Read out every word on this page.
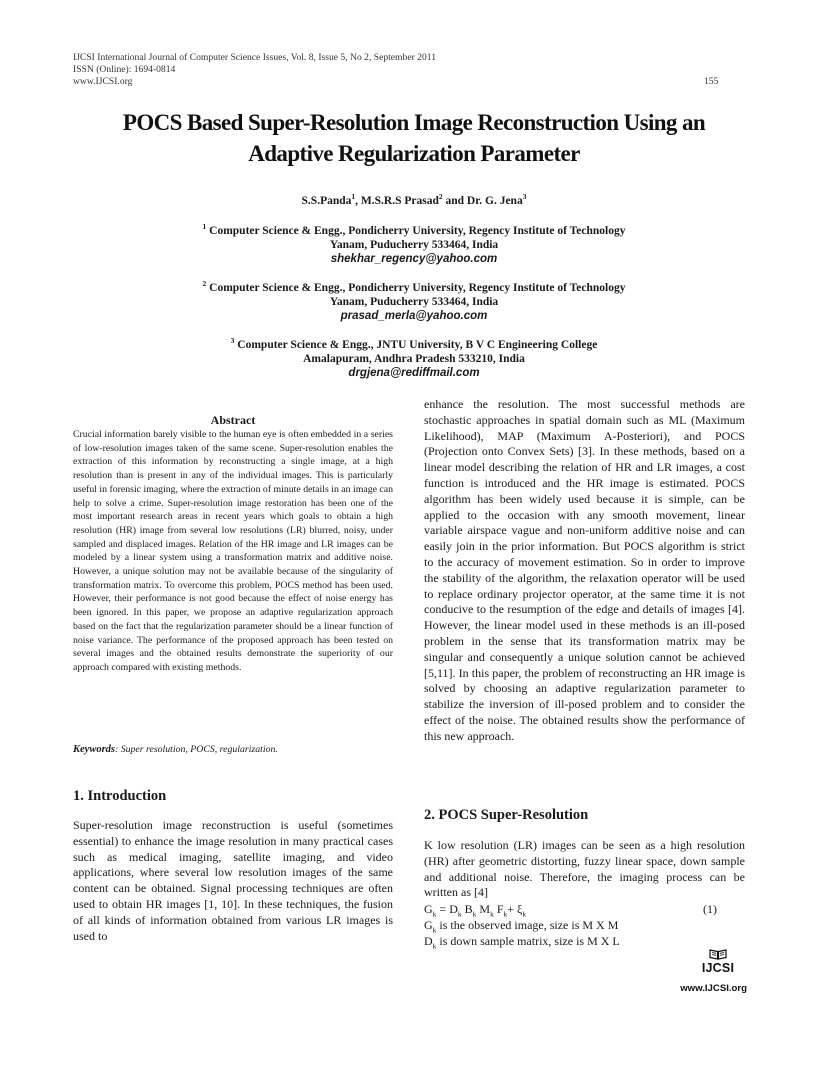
IJCSI International Journal of Computer Science Issues, Vol. 8, Issue 5, No 2, September 2011
ISSN (Online): 1694-0814
www.IJCSI.org	155
POCS Based Super-Resolution Image Reconstruction Using an
Adaptive Regularization Parameter
S.S.Panda$^1$, M.S.R.S Prasad$^2$ and Dr. G. Jena$^3$
$^1$ Computer Science & Engg., Pondicherry University, Regency Institute of Technology
Yanam, Puducherry 533464, India
shekhar_regency@yahoo.com
$^2$ Computer Science & Engg., Pondicherry University, Regency Institute of Technology
Yanam, Puducherry 533464, India
prasad_merla@yahoo.com
$^3$ Computer Science & Engg., JNTU University, B V C Engineering College
Amalapuram, Andhra Pradesh 533210, India
drgjena@rediffmail.com
Abstract

Crucial information barely visible to the human eye is often embedded in a series of low-resolution images taken of the same scene. Super-resolution enables the extraction of this information by reconstructing a single image, at a high resolution than is present in any of the individual images. This is particularly useful in forensic imaging, where the extraction of minute details in an image can help to solve a crime. Super-resolution image restoration has been one of the most important research areas in recent years which goals to obtain a high resolution (HR) image from several low resolutions (LR) blurred, noisy, under sampled and displaced images. Relation of the HR image and LR images can be modeled by a linear system using a transformation matrix and additive noise. However, a unique solution may not be available because of the singularity of transformation matrix. To overcome this problem, POCS method has been used. However, their performance is not good because the effect of noise energy has been ignored. In this paper, we propose an adaptive regularization approach based on the fact that the regularization parameter should be a linear function of noise variance. The performance of the proposed approach has been tested on several images and the obtained results demonstrate the superiority of our approach compared with existing methods.

Keywords: Super resolution, POCS, regularization.
1. Introduction

Super-resolution image reconstruction is useful (sometimes essential) to enhance the image resolution in many practical cases such as medical imaging, satellite imaging, and video applications, where several low resolution images of the same content can be obtained. Signal processing techniques are often used to obtain HR images [1, 10]. In these techniques, the fusion of all kinds of information obtained from various LR images is used to

enhance the resolution. The most successful methods are stochastic approaches in spatial domain such as ML (Maximum Likelihood), MAP (Maximum A-Posteriori), and POCS (Projection onto Convex Sets) [3]. In these methods, based on a linear model describing the relation of HR and LR images, a cost function is introduced and the HR image is estimated. POCS algorithm has been widely used because it is simple, can be applied to the occasion with any smooth movement, linear variable airspace vague and non-uniform additive noise and can easily join in the prior information. But POCS algorithm is strict to the accuracy of movement estimation. So in order to improve the stability of the algorithm, the relaxation operator will be used to replace ordinary projector operator, at the same time it is not conducive to the resumption of the edge and details of images [4]. However, the linear model used in these methods is an ill-posed problem in the sense that its transformation matrix may be singular and consequently a unique solution cannot be achieved [5,11]. In this paper, the problem of reconstructing an HR image is solved by choosing an adaptive regularization parameter to stabilize the inversion of ill-posed problem and to consider the effect of the noise. The obtained results show the performance of this new approach.

2. POCS Super-Resolution

K low resolution (LR) images can be seen as a high resolution (HR) after geometric distorting, fuzzy linear space, down sample and additional noise. Therefore, the imaging process can be written as [4]

$G_k = D_k$ $B_k$ $M_k$ $F_k+ \xi_k$	(1)
$G_k$ is the observed image, size is M X M
$D_k$ is down sample matrix, size is M X L
IJCSI
www.IJCSI.org
